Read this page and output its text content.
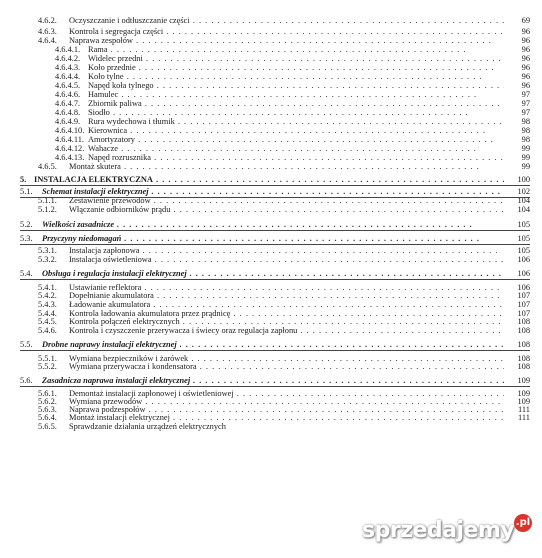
4.6.2. Oczyszczanie i odtłuszczanie części . .	69
4.6.3. Kontrola i segregacja części . .	96
4.6.4. Naprawa zespołów . .	96
4.6.4.1. Rama . .	96
4.6.4.2. Widelec przedni . .	96
4.6.4.3. Koło przednie . .	96
4.6.4.4. Koło tylne . .	96
4.6.4.5. Napęd koła tylnego . .	96
4.6.4.6. Hamulec . .	97
4.6.4.7. Zbiornik paliwa . .	97
4.6.4.8. Siodło . .	97
4.6.4.9. Rura wydechowa i tłumik . .	98
4.6.4.10. Kierownica . .	98
4.6.4.11. Amortyzatory . .	98
4.6.4.12. Wahacze . .	99
4.6.4.13. Napęd rozrusznika . .	99
4.6.5. Montaż skutera . .	99
5. INSTALACJA ELEKTRYCZNA . .	100
5.1. Schemat instalacji elektrycznej . .	102
5.1.1. Zestawienie przewodów . .	104
5.1.2. Włączanie odbiorników prądu . .	104
5.2. Wielkości zasadnicze . .	105
5.3. Przyczyny niedomagań . .	105
5.3.1. Instalacja zapłonowa . .	105
5.3.2. Instalacja oświetleniowa . .	106
5.4. Obsługa i regulacja instalacji elektrycznej . .	106
5.4.1. Ustawianie reflektora . .	106
5.4.2. Dopełnianie akumulatora . .	107
5.4.3. Ładowanie akumulatora . .	107
5.4.4. Kontrola ładowania akumulatora przez prądnicę . .	107
5.4.5. Kontrola połączeń elektrycznych . .	108
5.4.6. Kontrola i czyszczenie przerywacza i świecy oraz regulacja zapłonu . .	108
5.5. Drobne naprawy instalacji elektrycznej . .	108
5.5.1. Wymiana bezpieczników i żarówek . .	108
5.5.2. Wymiana przerywacza i kondensatora . .	108
5.6. Zasadnicza naprawa instalacji elektrycznej . .	109
5.6.1. Demontaż instalacji zapłonowej i oświetleniowej . .	109
5.6.2. Wymiana przewodów . .	109
5.6.3. Naprawa podzespołów . .	111
5.6.4. Montaż instalacji elektrycznej . .	111
5.6.5. Sprawdzanie działania urządzeń elektrycznych
sprzedajemy .pl
